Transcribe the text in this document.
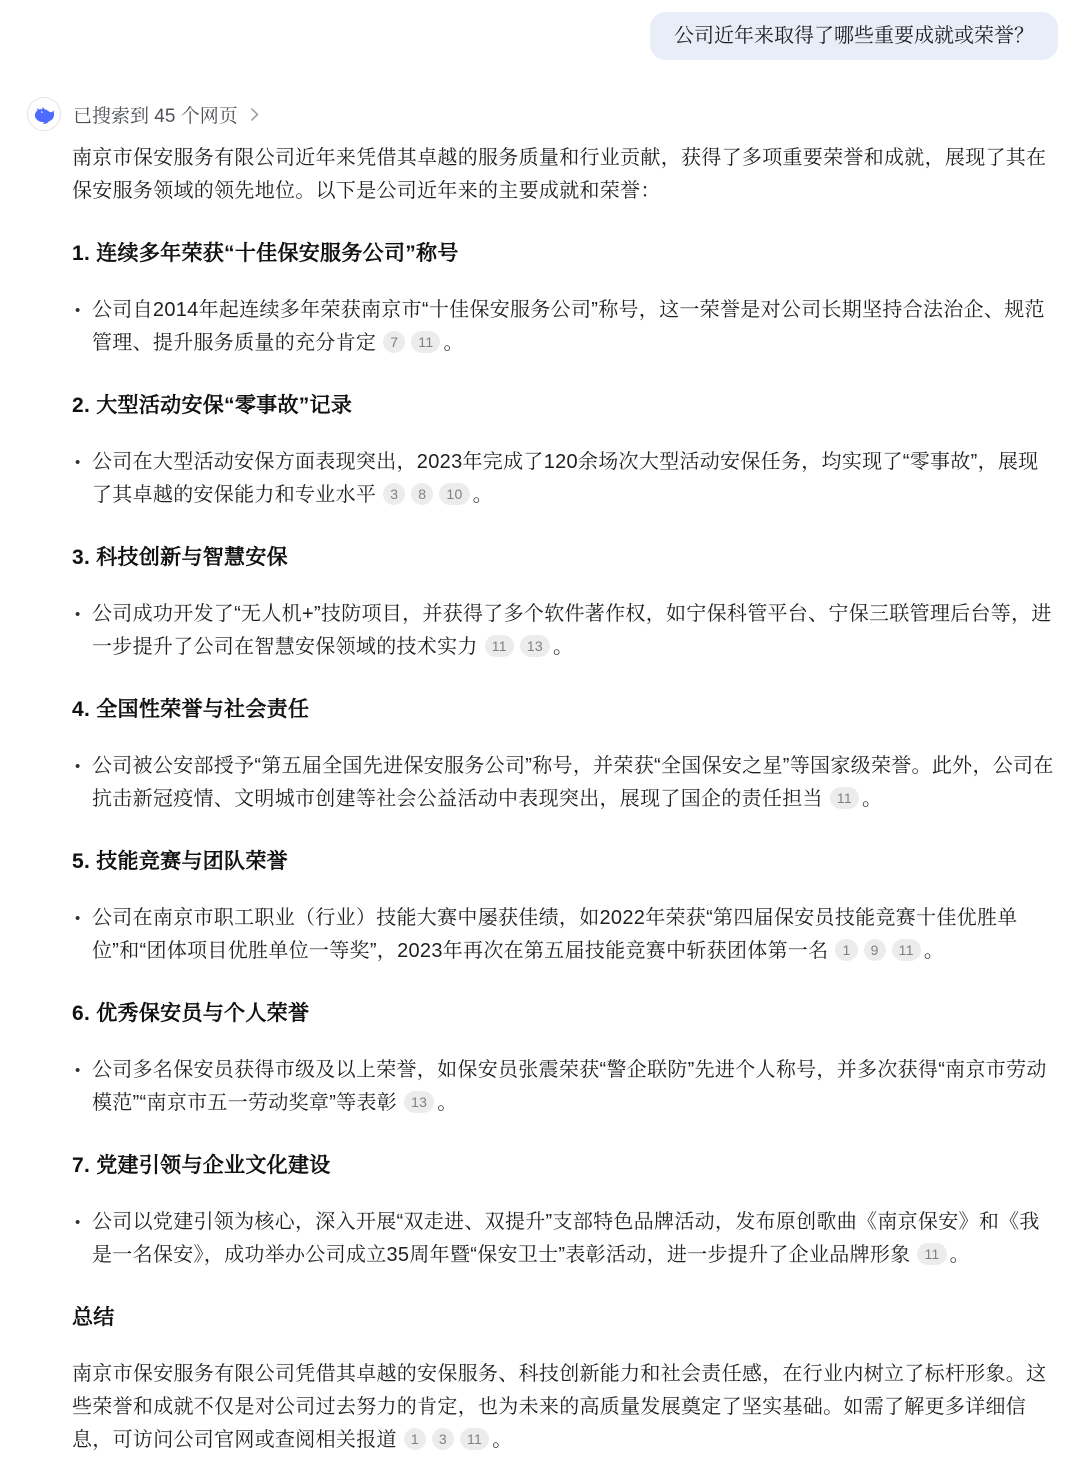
公司近年来取得了哪些重要成就或荣誉？
已搜索到 45 个网页

南京市保安服务有限公司近年来凭借其卓越的服务质量和行业贡献，获得了多项重要荣誉和成就，展现了其在保安服务领域的领先地位。以下是公司近年来的主要成就和荣誉：

1. 连续多年荣获“十佳保安服务公司”称号

• 公司自2014年起连续多年荣获南京市“十佳保安服务公司”称号，这一荣誉是对公司长期坚持合法治企、规范管理、提升服务质量的充分肯定 7 11 。

2. 大型活动安保“零事故”记录

• 公司在大型活动安保方面表现突出，2023年完成了120余场次大型活动安保任务，均实现了“零事故”，展现了其卓越的安保能力和专业水平 3 8 10 。

3. 科技创新与智慧安保

• 公司成功开发了“无人机+”技防项目，并获得了多个软件著作权，如宁保科管平台、宁保三联管理后台等，进一步提升了公司在智慧安保领域的技术实力 11 13 。

4. 全国性荣誉与社会责任

• 公司被公安部授予“第五届全国先进保安服务公司”称号，并荣获“全国保安之星”等国家级荣誉。此外，公司在抗击新冠疫情、文明城市创建等社会公益活动中表现突出，展现了国企的责任担当 11 。

5. 技能竞赛与团队荣誉

• 公司在南京市职工职业（行业）技能大赛中屡获佳绩，如2022年荣获“第四届保安员技能竞赛十佳优胜单位”和“团体项目优胜单位一等奖”，2023年再次在第五届技能竞赛中斩获团体第一名 1 9 11 。

6. 优秀保安员与个人荣誉

• 公司多名保安员获得市级及以上荣誉，如保安员张震荣获“警企联防”先进个人称号，并多次获得“南京市劳动模范”“南京市五一劳动奖章”等表彰 13 。

7. 党建引领与企业文化建设

• 公司以党建引领为核心，深入开展“双走进、双提升”支部特色品牌活动，发布原创歌曲《南京保安》和《我是一名保安》，成功举办公司成立35周年暨“保安卫士”表彰活动，进一步提升了企业品牌形象 11 。

总结

南京市保安服务有限公司凭借其卓越的安保服务、科技创新能力和社会责任感，在行业内树立了标杆形象。这些荣誉和成就不仅是对公司过去努力的肯定，也为未来的高质量发展奠定了坚实基础。如需了解更多详细信息，可访问公司官网或查阅相关报道 1 3 11 。
